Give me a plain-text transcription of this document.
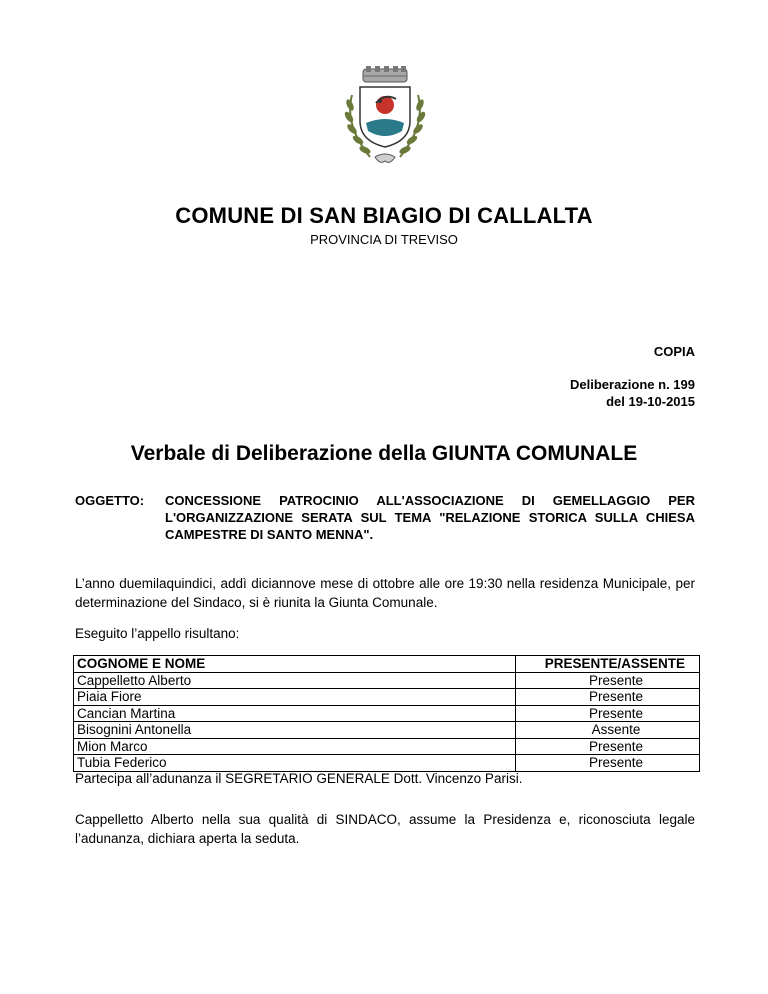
COMUNE DI SAN BIAGIO DI CALLALTA
PROVINCIA DI TREVISO
COPIA
Deliberazione n. 199
del 19-10-2015
Verbale di Deliberazione della GIUNTA COMUNALE
OGGETTO: CONCESSIONE PATROCINIO ALL'ASSOCIAZIONE DI GEMELLAGGIO PER L'ORGANIZZAZIONE SERATA SUL TEMA "RELAZIONE STORICA SULLA CHIESA CAMPESTRE DI SANTO MENNA".
L’anno duemilaquindici, addì diciannove mese di ottobre alle ore 19:30 nella residenza Municipale, per determinazione del Sindaco, si è riunita la Giunta Comunale.
Eseguito l’appello risultano:
COGNOME E NOME	PRESENTE/ASSENTE
Cappelletto Alberto	Presente
Piaia Fiore	Presente
Cancian Martina	Presente
Bisognini Antonella	Assente
Mion Marco	Presente
Tubia Federico	Presente
Partecipa all’adunanza il SEGRETARIO GENERALE Dott. Vincenzo Parisi.
Cappelletto Alberto nella sua qualità di SINDACO, assume la Presidenza e, riconosciuta legale l’adunanza, dichiara aperta la seduta.
